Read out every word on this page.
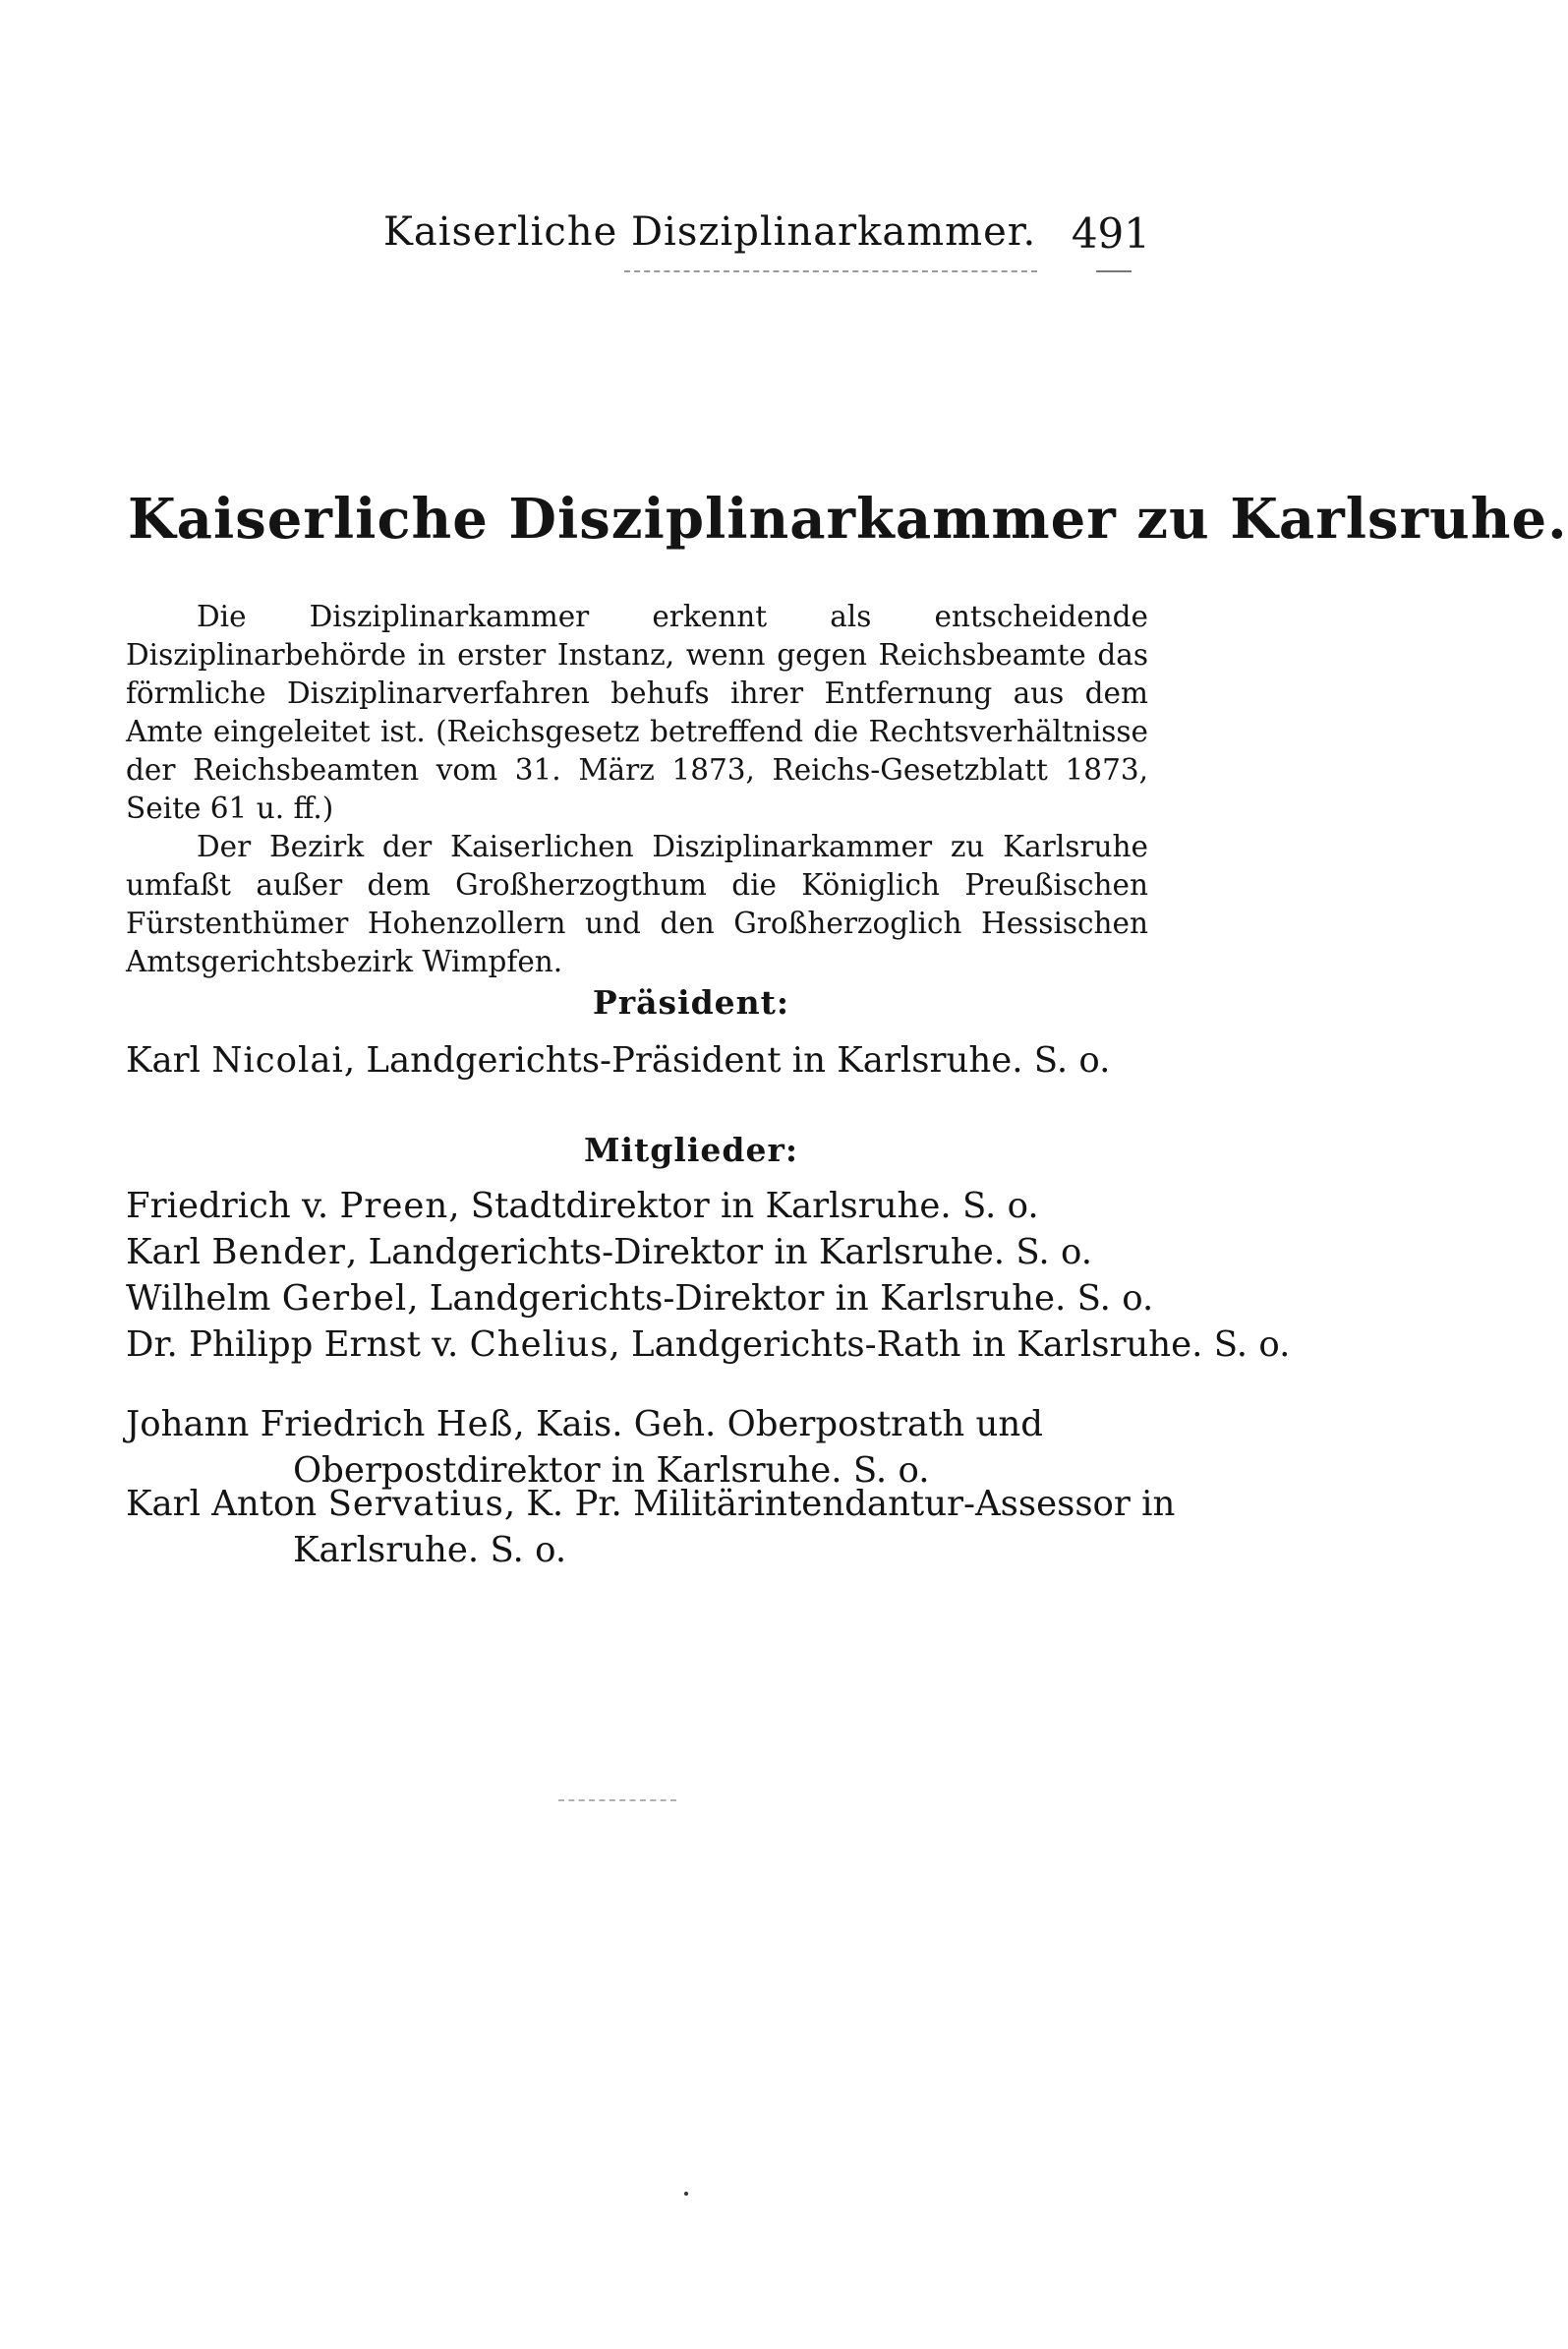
Kaiserliche Disziplinarkammer. 491
Kaiserliche Disziplinarkammer zu Karlsruhe.

Die Disziplinarkammer erkennt als entscheidende Disziplinarbehörde in erster Instanz, wenn gegen Reichsbeamte das förmliche Disziplinarverfahren behufs ihrer Entfernung aus dem Amte eingeleitet ist. (Reichsgesetz betreffend die Rechtsverhältnisse der Reichsbeamten vom 31. März 1873, Reichs-Gesetzblatt 1873, Seite 61 u. ff.)

Der Bezirk der Kaiserlichen Disziplinarkammer zu Karlsruhe umfaßt außer dem Großherzogthum die Königlich Preußischen Fürstenthümer Hohenzollern und den Großherzoglich Hessischen Amtsgerichtsbezirk Wimpfen.

Präsident:
Karl Nicolai, Landgerichts-Präsident in Karlsruhe. S. o.
Mitglieder:
Friedrich v. Preen, Stadtdirektor in Karlsruhe. S. o.
Karl Bender, Landgerichts-Direktor in Karlsruhe. S. o.
Wilhelm Gerbel, Landgerichts-Direktor in Karlsruhe. S. o.
Dr. Philipp Ernst v. Chelius, Landgerichts-Rath in Karlsruhe. S. o.
Johann Friedrich Heß, Kais. Geh. Oberpostrath und Oberpostdirektor in Karlsruhe. S. o.
Karl Anton Servatius, K. Pr. Militärintendantur-Assessor in Karlsruhe. S. o.
